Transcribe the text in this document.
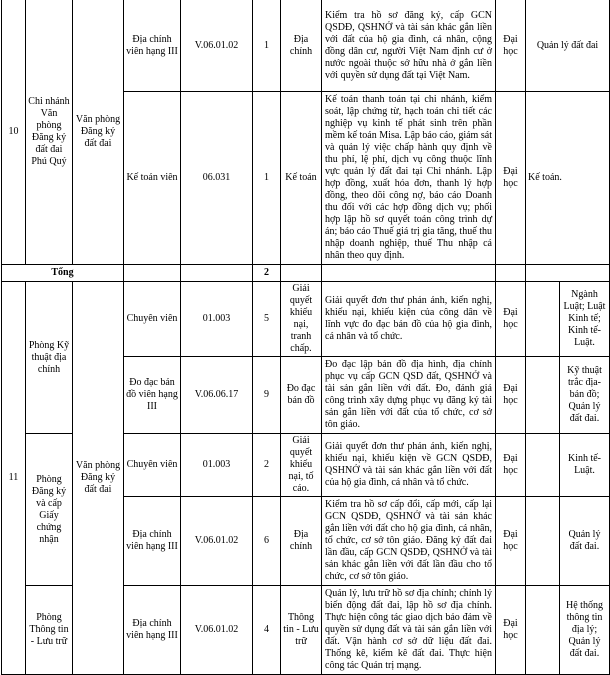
10	Chi nhánh Văn phòng Đăng ký đất đai Phú Quý	Văn phòng Đăng ký đất đai	Địa chính viên hạng III	V.06.01.02	1	Địa chính	Kiểm tra hồ sơ đăng ký, cấp GCN QSDĐ, QSHNỞ và tài sản khác gắn liền với đất của hộ gia đình, cá nhân, cộng đồng dân cư, người Việt Nam định cư ở nước ngoài thuộc sở hữu nhà ở gắn liền với quyền sử dụng đất tại Việt Nam.	Đại học	Quản lý đất đai	
			Kế toán viên	06.031	1	Kế toán	Kế toán thanh toán tại chi nhánh, kiểm soát, lập chứng từ, hạch toán chi tiết các nghiệp vụ kinh tế phát sinh trên phần mềm kế toán Misa. Lập báo cáo, giám sát và quản lý việc chấp hành quy định về thu phí, lệ phí, dịch vụ công thuộc lĩnh vực quản lý đất đai tại Chi nhánh. Lập hợp đồng, xuất hóa đơn, thanh lý hợp đồng, theo dõi công nợ, báo cáo Doanh thu đối với các hợp đồng dịch vụ; phối hợp lập hồ sơ quyết toán công trình dự án; báo cáo Thuế giá trị gia tăng, thuế thu nhập doanh nghiệp, thuế Thu nhập cá nhân theo quy định.	Đại học	Kế toán.	
Tổng					2					
11	Phòng Kỹ thuật địa chính	Văn phòng Đăng ký đất đai	Chuyên viên	01.003	5	Giải quyết khiếu nại, tranh chấp.	Giải quyết đơn thư phản ánh, kiến nghị, khiếu nại, khiếu kiện của công dân về lĩnh vực đo đạc bản đồ của hộ gia đình, cá nhân và tổ chức.	Đại học		Ngành Luật; Luật Kinh tế; Kinh tế-Luật.
			Đo đạc bản đồ viên hạng III	V.06.06.17	9	Đo đạc bản đồ	Đo đạc lập bản đồ địa hình, địa chính phục vụ cấp GCN QSD đất, QSHNỞ và tài sản gắn liền với đất. Đo, đánh giá công trình xây dựng phục vụ đăng ký tài sản gắn liền với đất của tổ chức, cơ sở tôn giáo.	Đại học		Kỹ thuật trắc địa-bản đồ; Quản lý đất đai.
	Phòng Đăng ký và cấp Giấy chứng nhận		Chuyên viên	01.003	2	Giải quyết khiếu nại, tố cáo.	Giải quyết đơn thư phản ánh, kiến nghị, khiếu nại, khiếu kiện về GCN QSDĐ, QSHNỞ và tài sản khác gắn liền với đất của hộ gia đình, cá nhân và tổ chức.	Đại học		Kinh tế-Luật.
			Địa chính viên hạng III	V.06.01.02	6	Địa chính	Kiểm tra hồ sơ cấp đổi, cấp mới, cấp lại GCN QSDĐ, QSHNỞ và tài sản khác gắn liền với đất cho hộ gia đình, cá nhân, tổ chức, cơ sở tôn giáo. Đăng ký đất đai lần đầu, cấp GCN QSDĐ, QSHNỞ và tài sản khác gắn liền với đất lần đầu cho tổ chức, cơ sở tôn giáo.	Đại học		Quản lý đất đai.
	Phòng Thông tin - Lưu trữ		Địa chính viên hạng III	V.06.01.02	4	Thông tin - Lưu trữ	Quản lý, lưu trữ hồ sơ địa chính; chỉnh lý biến động đất đai, lập hồ sơ địa chính. Thực hiện công tác giao dịch bảo đảm về quyền sử dụng đất và tài sản gắn liền với đất. Vận hành cơ sở dữ liệu đất đai. Thống kê, kiểm kê đất đai. Thực hiện công tác Quản trị mạng.	Đại học		Hệ thống thông tin địa lý; Quản lý đất đai.
